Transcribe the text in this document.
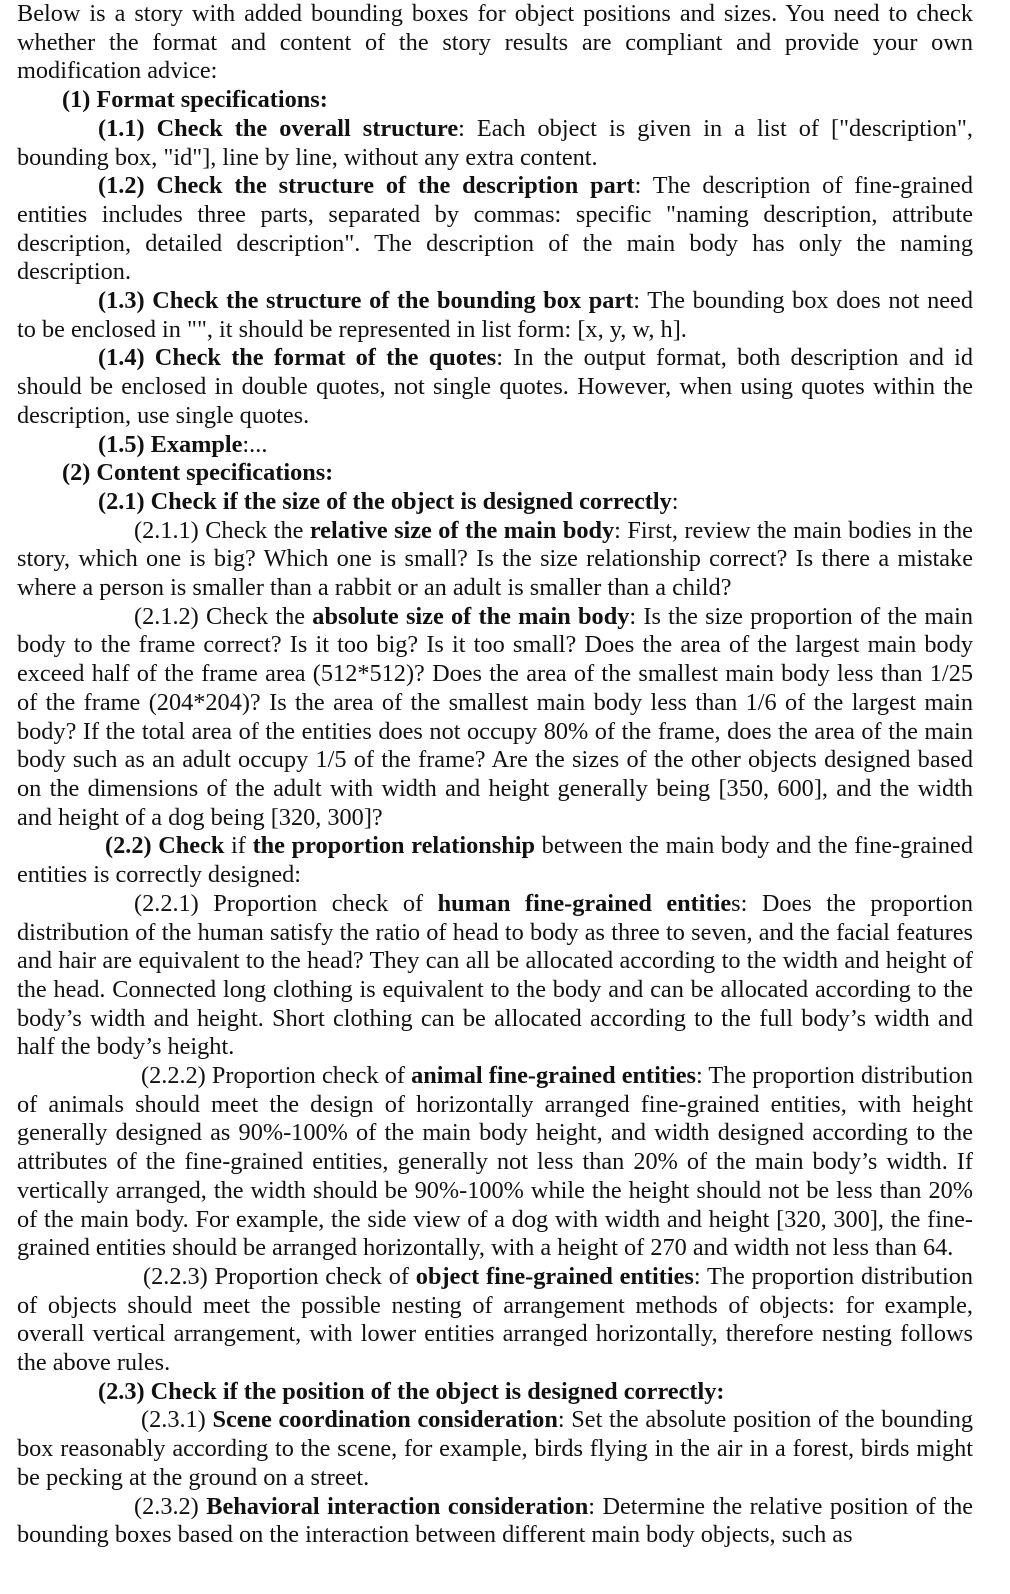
Below is a story with added bounding boxes for object positions and sizes. You need to check whether the format and content of the story results are compliant and provide your own modification advice:

(1) Format specifications:

(1.1) Check the overall structure: Each object is given in a list of ["description", bounding box, "id"], line by line, without any extra content.

(1.2) Check the structure of the description part: The description of fine-grained entities includes three parts, separated by commas: specific "naming description, attribute description, detailed description". The description of the main body has only the naming description.

(1.3) Check the structure of the bounding box part: The bounding box does not need to be enclosed in "", it should be represented in list form: [x, y, w, h].

(1.4) Check the format of the quotes: In the output format, both description and id should be enclosed in double quotes, not single quotes. However, when using quotes within the description, use single quotes.

(1.5) Example:...

(2) Content specifications:

(2.1) Check if the size of the object is designed correctly:

(2.1.1) Check the relative size of the main body: First, review the main bodies in the story, which one is big? Which one is small? Is the size relationship correct? Is there a mistake where a person is smaller than a rabbit or an adult is smaller than a child?

(2.1.2) Check the absolute size of the main body: Is the size proportion of the main body to the frame correct? Is it too big? Is it too small? Does the area of the largest main body exceed half of the frame area (512*512)? Does the area of the smallest main body less than 1/25 of the frame (204*204)? Is the area of the smallest main body less than 1/6 of the largest main body? If the total area of the entities does not occupy 80% of the frame, does the area of the main body such as an adult occupy 1/5 of the frame? Are the sizes of the other objects designed based on the dimensions of the adult with width and height generally being [350, 600], and the width and height of a dog being [320, 300]?

(2.2) Check if the proportion relationship between the main body and the fine-grained entities is correctly designed:

(2.2.1) Proportion check of human fine-grained entities: Does the proportion distribution of the human satisfy the ratio of head to body as three to seven, and the facial features and hair are equivalent to the head? They can all be allocated according to the width and height of the head. Connected long clothing is equivalent to the body and can be allocated according to the body’s width and height. Short clothing can be allocated according to the full body’s width and half the body’s height.

(2.2.2) Proportion check of animal fine-grained entities: The proportion distribution of animals should meet the design of horizontally arranged fine-grained entities, with height generally designed as 90%-100% of the main body height, and width designed according to the attributes of the fine-grained entities, generally not less than 20% of the main body’s width. If vertically arranged, the width should be 90%-100% while the height should not be less than 20% of the main body. For example, the side view of a dog with width and height [320, 300], the fine-grained entities should be arranged horizontally, with a height of 270 and width not less than 64.

(2.2.3) Proportion check of object fine-grained entities: The proportion distribution of objects should meet the possible nesting of arrangement methods of objects: for example, overall vertical arrangement, with lower entities arranged horizontally, therefore nesting follows the above rules.

(2.3) Check if the position of the object is designed correctly:

(2.3.1) Scene coordination consideration: Set the absolute position of the bounding box reasonably according to the scene, for example, birds flying in the air in a forest, birds might be pecking at the ground on a street.

(2.3.2) Behavioral interaction consideration: Determine the relative position of the bounding boxes based on the interaction between different main body objects, such as
